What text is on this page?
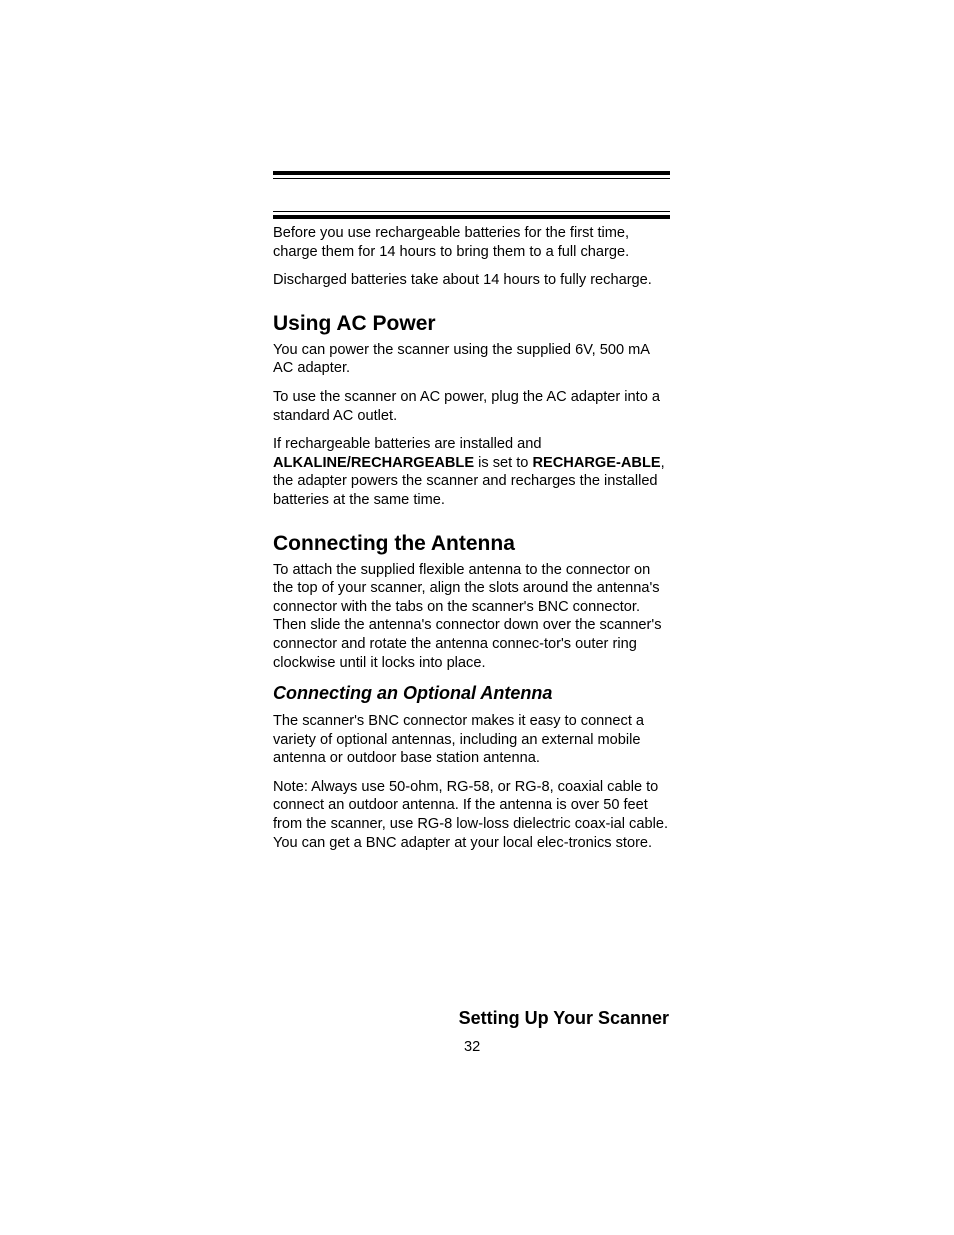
Before you use rechargeable batteries for the first time, charge them for 14 hours to bring them to a full charge.

Discharged batteries take about 14 hours to fully recharge.

Using AC Power

You can power the scanner using the supplied 6V, 500 mA AC adapter.

To use the scanner on AC power, plug the AC adapter into a standard AC outlet.

If rechargeable batteries are installed and ALKALINE/RECHARGEABLE is set to RECHARGE-ABLE, the adapter powers the scanner and recharges the installed batteries at the same time.

Connecting the Antenna

To attach the supplied flexible antenna to the connector on the top of your scanner, align the slots around the antenna's connector with the tabs on the scanner's BNC connector. Then slide the antenna's connector down over the scanner's connector and rotate the antenna connec-tor's outer ring clockwise until it locks into place.

Connecting an Optional Antenna

The scanner's BNC connector makes it easy to connect a variety of optional antennas, including an external mobile antenna or outdoor base station antenna.

Note: Always use 50-ohm, RG-58, or RG-8, coaxial cable to connect an outdoor antenna. If the antenna is over 50 feet from the scanner, use RG-8 low-loss dielectric coax-ial cable. You can get a BNC adapter at your local elec-tronics store.

Setting Up Your Scanner
32
